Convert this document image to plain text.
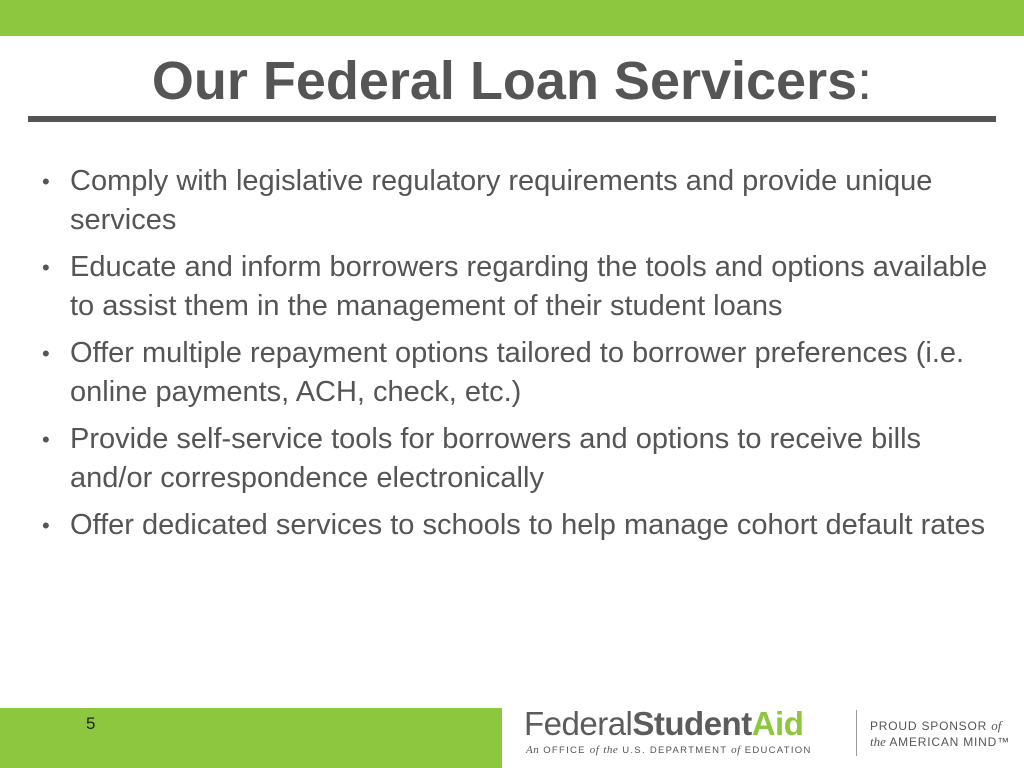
Our Federal Loan Servicers:
• Comply with legislative regulatory requirements and provide unique services
• Educate and inform borrowers regarding the tools and options available to assist them in the management of their student loans
• Offer multiple repayment options tailored to borrower preferences (i.e. online payments, ACH, check, etc.)
• Provide self-service tools for borrowers and options to receive bills and/or correspondence electronically
• Offer dedicated services to schools to help manage cohort default rates
5	FederalStudentAid
An OFFICE of the U.S. DEPARTMENT of EDUCATION
PROUD SPONSOR of
the AMERICAN MIND™
